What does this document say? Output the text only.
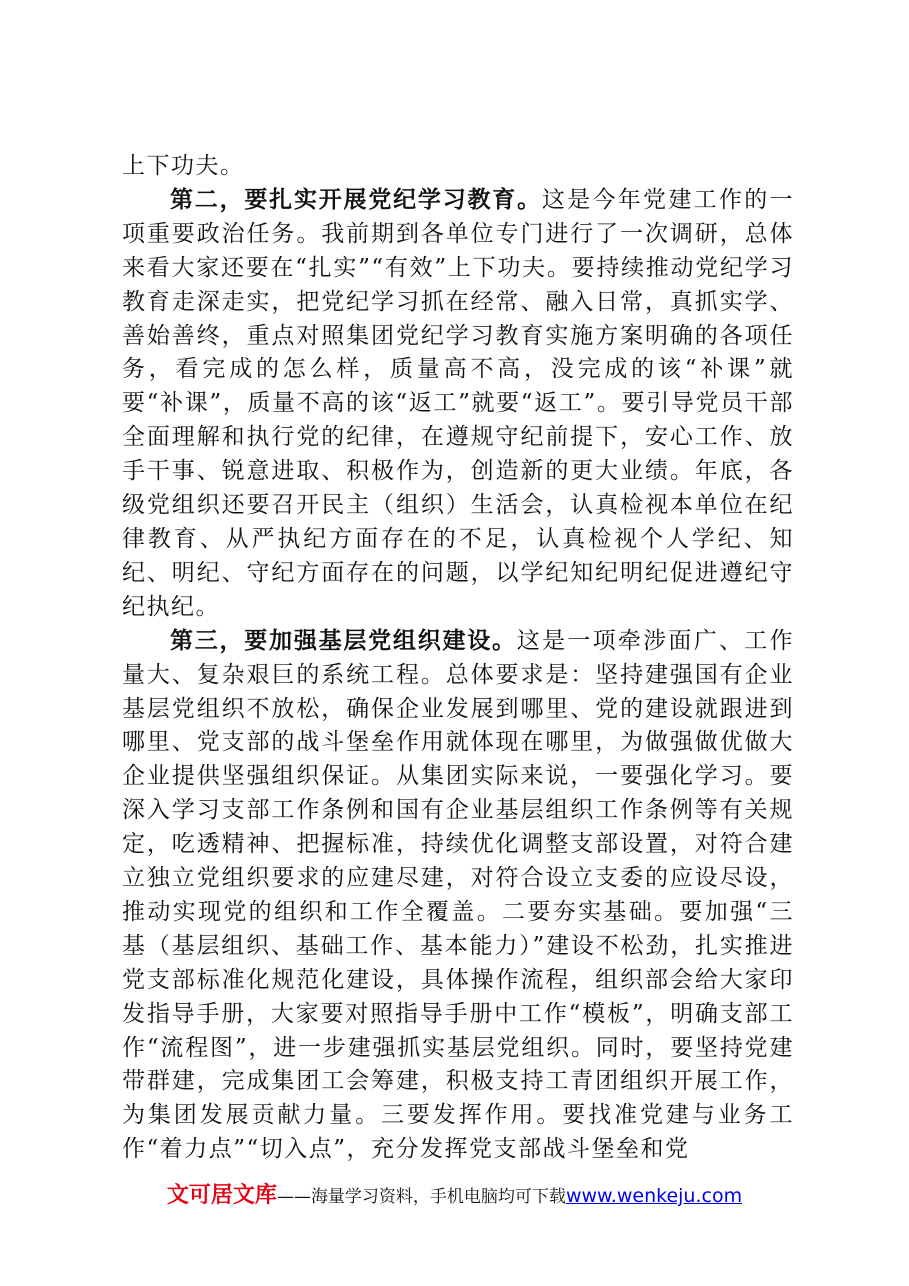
上下功夫。

第二，要扎实开展党纪学习教育。这是今年党建工作的一项重要政治任务。我前期到各单位专门进行了一次调研，总体来看大家还要在“扎实”“有效”上下功夫。要持续推动党纪学习教育走深走实，把党纪学习抓在经常、融入日常，真抓实学、善始善终，重点对照集团党纪学习教育实施方案明确的各项任务，看完成的怎么样，质量高不高，没完成的该“补课”就要“补课”，质量不高的该“返工”就要“返工”。要引导党员干部全面理解和执行党的纪律，在遵规守纪前提下，安心工作、放手干事、锐意进取、积极作为，创造新的更大业绩。年底，各级党组织还要召开民主（组织）生活会，认真检视本单位在纪律教育、从严执纪方面存在的不足，认真检视个人学纪、知纪、明纪、守纪方面存在的问题，以学纪知纪明纪促进遵纪守纪执纪。

第三，要加强基层党组织建设。这是一项牵涉面广、工作量大、复杂艰巨的系统工程。总体要求是：坚持建强国有企业基层党组织不放松，确保企业发展到哪里、党的建设就跟进到哪里、党支部的战斗堡垒作用就体现在哪里，为做强做优做大企业提供坚强组织保证。从集团实际来说，一要强化学习。要深入学习支部工作条例和国有企业基层组织工作条例等有关规定，吃透精神、把握标准，持续优化调整支部设置，对符合建立独立党组织要求的应建尽建，对符合设立支委的应设尽设，推动实现党的组织和工作全覆盖。二要夯实基础。要加强“三基（基层组织、基础工作、基本能力）”建设不松劲，扎实推进党支部标准化规范化建设，具体操作流程，组织部会给大家印发指导手册，大家要对照指导手册中工作“模板”，明确支部工作“流程图”，进一步建强抓实基层党组织。同时，要坚持党建带群建，完成集团工会筹建，积极支持工青团组织开展工作，为集团发展贡献力量。三要发挥作用。要找准党建与业务工作“着力点”“切入点”，充分发挥党支部战斗堡垒和党

文可居文库——海量学习资料，手机电脑均可下载www.wenkeju.com
